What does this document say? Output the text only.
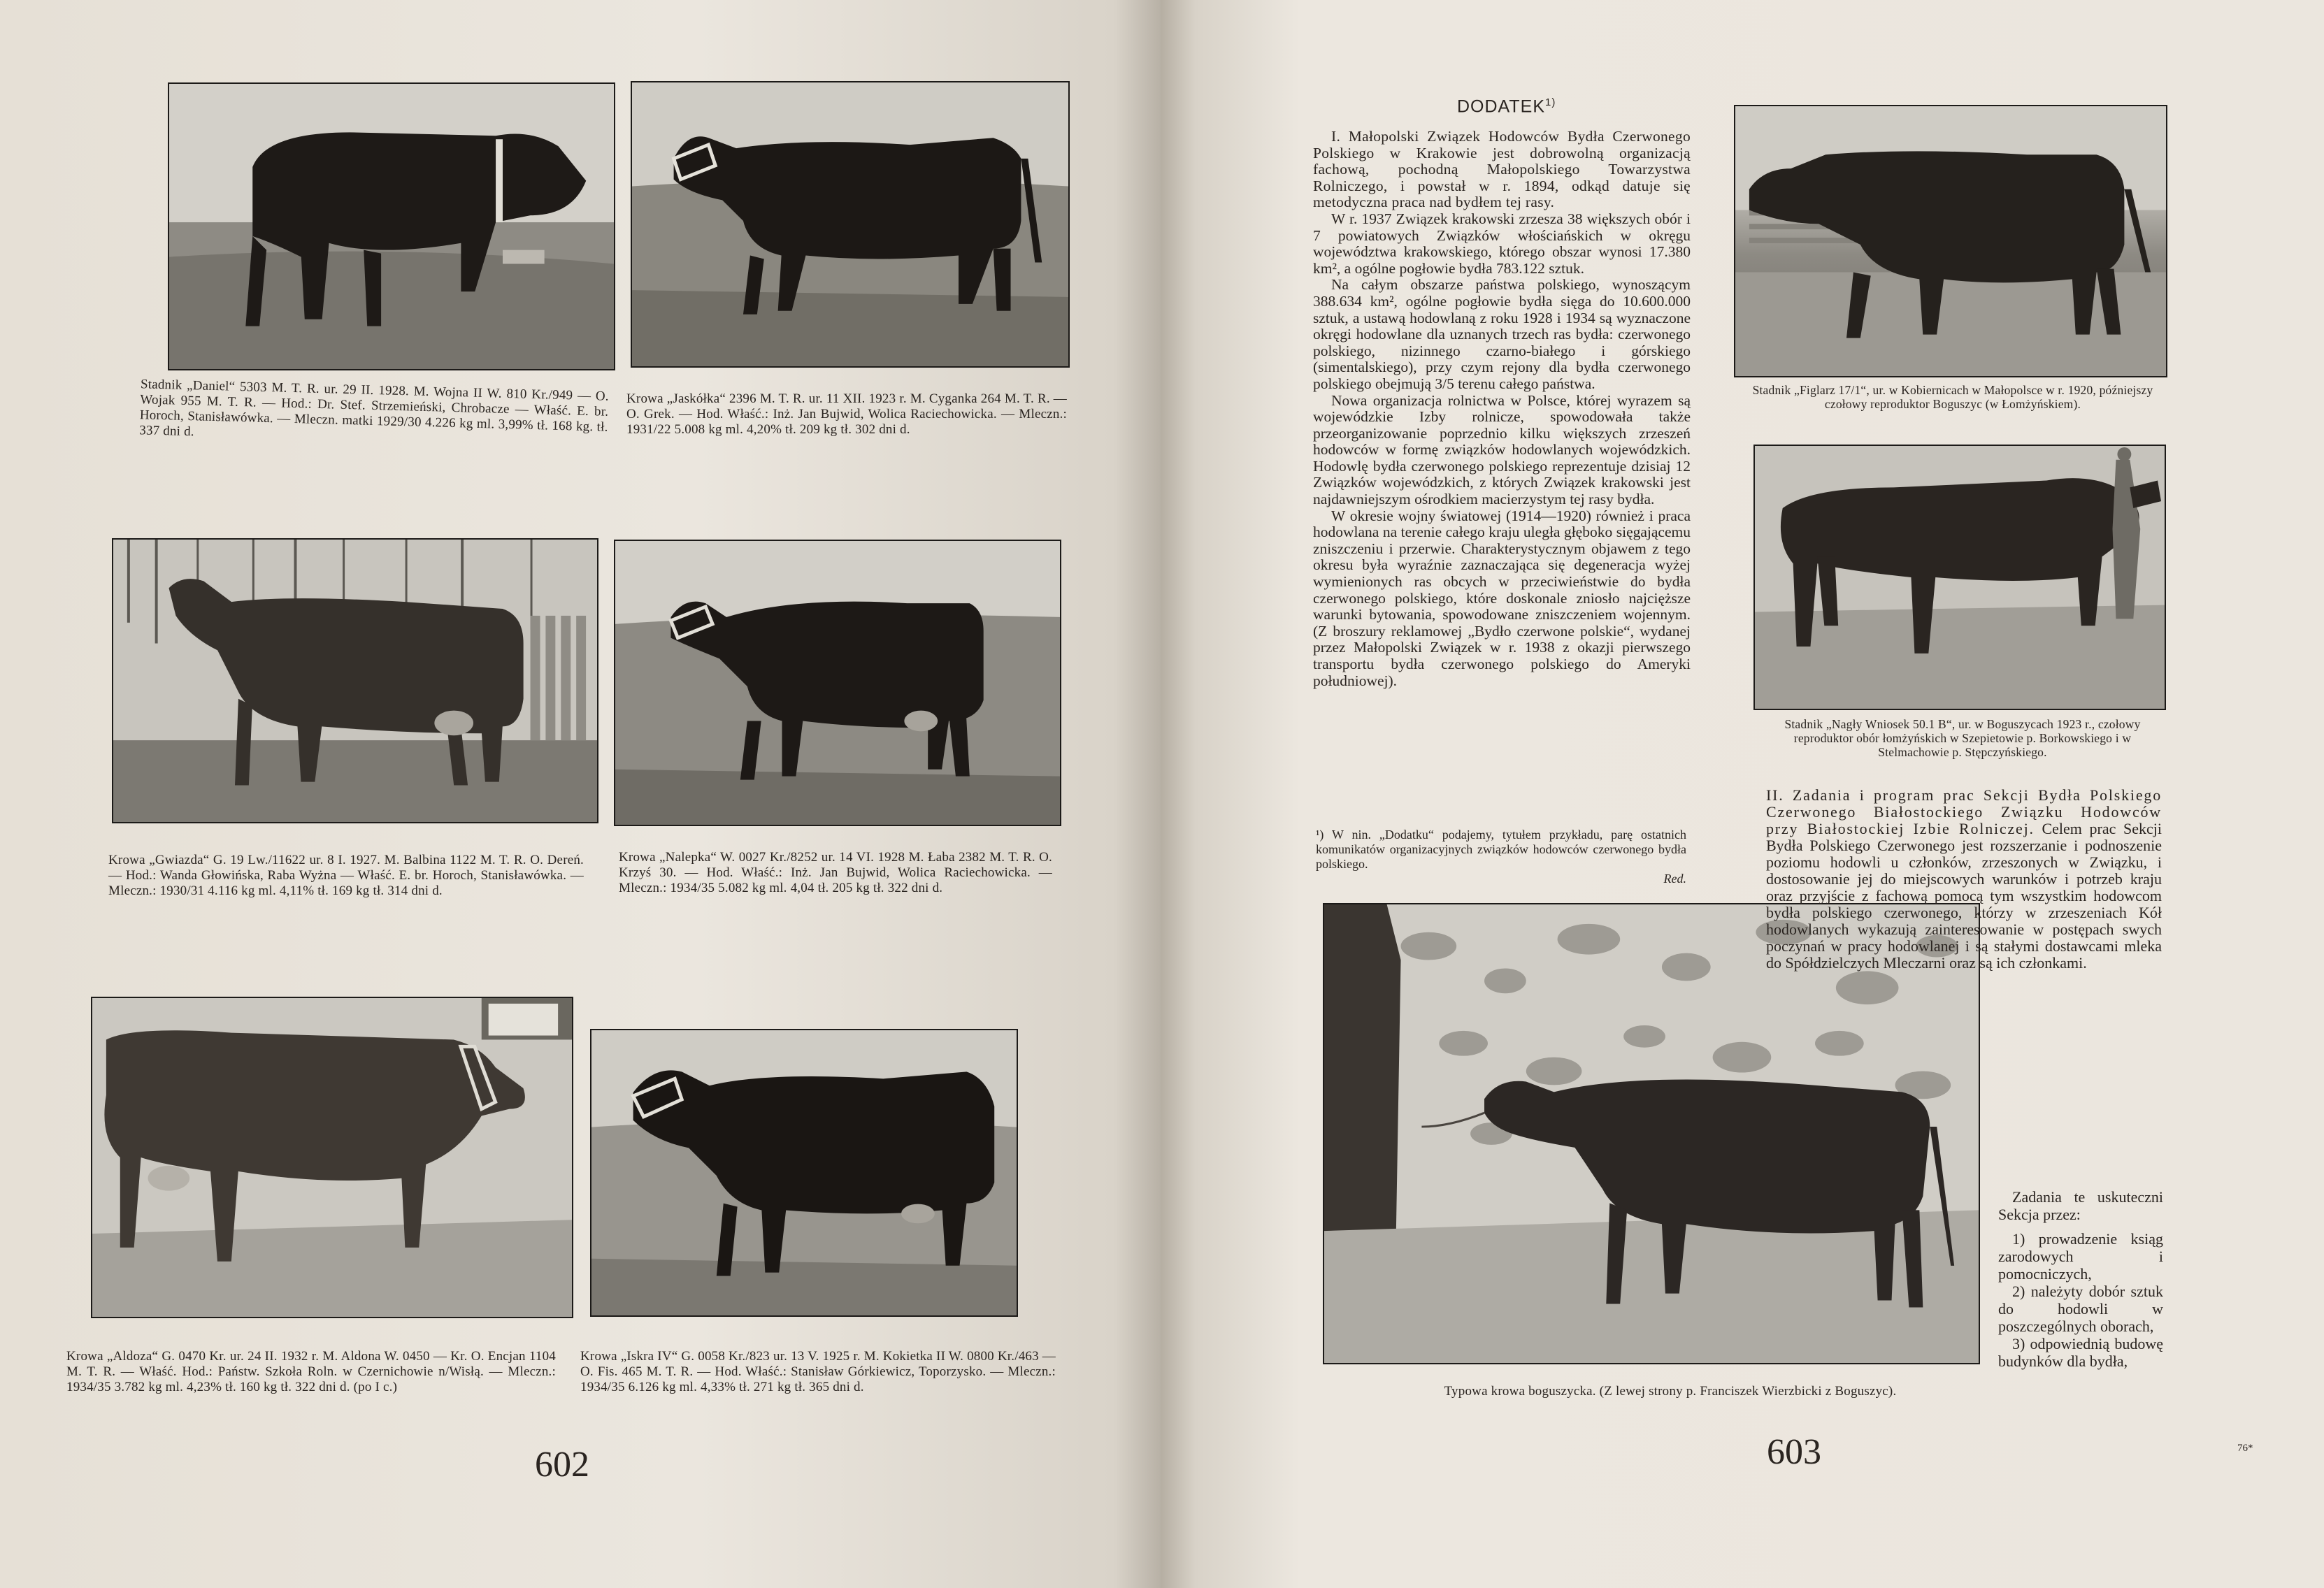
Stadnik „Daniel“ 5303 M. T. R. ur. 29 II. 1928. M. Wojna II W. 810 Kr./949 — O. Wojak 955 M. T. R. — Hod.: Dr. Stef. Strzemieński, Chrobacze — Właść. E. br. Horoch, Stanisławówka. — Mleczn. matki 1929/30 4.226 kg ml. 3,99% tł. 168 kg. tł. 337 dni d.
Krowa „Jaskółka“ 2396 M. T. R. ur. 11 XII. 1923 r. M. Cyganka 264 M. T. R. — O. Grek. — Hod. Właść.: Inż. Jan Bujwid, Wolica Raciechowicka. — Mleczn.: 1931/22 5.008 kg ml. 4,20% tł. 209 kg tł. 302 dni d.
Krowa „Gwiazda“ G. 19 Lw./11622 ur. 8 I. 1927. M. Balbina 1122 M. T. R. O. Dereń. — Hod.: Wanda Głowińska, Raba Wyżna — Właść. E. br. Horoch, Stanisławówka. — Mleczn.: 1930/31 4.116 kg ml. 4,11% tł. 169 kg tł. 314 dni d.
Krowa „Nalepka“ W. 0027 Kr./8252 ur. 14 VI. 1928 M. Łaba 2382 M. T. R. O. Krzyś 30. — Hod. Właść.: Inż. Jan Bujwid, Wolica Raciechowicka. — Mleczn.: 1934/35 5.082 kg ml. 4,04 tł. 205 kg tł. 322 dni d.
Krowa „Aldoza“ G. 0470 Kr. ur. 24 II. 1932 r. M. Aldona W. 0450 — Kr. O. Encjan 1104 M. T. R. — Właść. Hod.: Państw. Szkoła Roln. w Czernichowie n/Wisłą. — Mleczn.: 1934/35 3.782 kg ml. 4,23% tł. 160 kg tł. 322 dni d. (po I c.)
Krowa „Iskra IV“ G. 0058 Kr./823 ur. 13 V. 1925 r. M. Kokietka II W. 0800 Kr./463 — O. Fis. 465 M. T. R. — Hod. Właść.: Stanisław Górkiewicz, Toporzysko. — Mleczn.: 1934/35 6.126 kg ml. 4,33% tł. 271 kg tł. 365 dni d.
602
DODATEK$^{1)}$

I. Małopolski Związek Hodowców Bydła Czerwonego Polskiego w Krakowie jest dobrowolną organizacją fachową, pochodną Małopolskiego Towarzystwa Rolniczego, i powstał w r. 1894, odkąd datuje się metodyczna praca nad bydłem tej rasy.

W r. 1937 Związek krakowski zrzesza 38 większych obór i 7 powiatowych Związków włościańskich w okręgu województwa krakowskiego, którego obszar wynosi 17.380 km², a ogólne pogłowie bydła 783.122 sztuk.

Na całym obszarze państwa polskiego, wynoszącym 388.634 km², ogólne pogłowie bydła sięga do 10.600.000 sztuk, a ustawą hodowlaną z roku 1928 i 1934 są wyznaczone okręgi hodowlane dla uznanych trzech ras bydła: czerwonego polskiego, nizinnego czarno-białego i górskiego (simentalskiego), przy czym rejony dla bydła czerwonego polskiego obejmują 3/5 terenu całego państwa.

Nowa organizacja rolnictwa w Polsce, której wyrazem są wojewódzkie Izby rolnicze, spowodowała także przeorganizowanie poprzednio kilku większych zrzeszeń hodowców w formę związków hodowlanych wojewódzkich. Hodowlę bydła czerwonego polskiego reprezentuje dzisiaj 12 Związków wojewódzkich, z których Związek krakowski jest najdawniejszym ośrodkiem macierzystym tej rasy bydła.

W okresie wojny światowej (1914—1920) również i praca hodowlana na terenie całego kraju uległa głęboko sięgającemu zniszczeniu i przerwie. Charakterystycznym objawem z tego okresu była wyraźnie zaznaczająca się degeneracja wyżej wymienionych ras obcych w przeciwieństwie do bydła czerwonego polskiego, które doskonale zniosło najcięższe warunki bytowania, spowodowane zniszczeniem wojennym. (Z broszury reklamowej „Bydło czerwone polskie“, wydanej przez Małopolski Związek w r. 1938 z okazji pierwszego transportu bydła czerwonego polskiego do Ameryki południowej).

¹) W nin. „Dodatku“ podajemy, tytułem przykładu, parę ostatnich komunikatów organizacyjnych związków hodowców czerwonego bydła polskiego.
Red.
Stadnik „Figlarz 17/1“, ur. w Kobiernicach w Małopolsce w r. 1920, późniejszy czołowy reproduktor Boguszyc (w Łomżyńskiem).
Stadnik „Nagły Wniosek 50.1 B“, ur. w Boguszycach 1923 r., czołowy reproduktor obór łomżyńskich w Szepietowie p. Borkowskiego i w Stelmachowie p. Stępczyńskiego.
Typowa krowa boguszycka. (Z lewej strony p. Franciszek Wierzbicki z Boguszyc).
II. Zadania i program prac Sekcji Bydła Polskiego Czerwonego Białostockiego Związku Hodowców przy Białostockiej Izbie Rolniczej. Celem prac Sekcji Bydła Polskiego Czerwonego jest rozszerzanie i podnoszenie poziomu hodowli u członków, zrzeszonych w Związku, i dostosowanie jej do miejscowych warunków i potrzeb kraju oraz przyjście z fachową pomocą tym wszystkim hodowcom bydła polskiego czerwonego, którzy w zrzeszeniach Kół hodowlanych wykazują zainteresowanie w postępach swych poczynań w pracy hodowlanej i są stałymi dostawcami mleka do Spółdzielczych Mleczarni oraz są ich członkami.
Zadania te uskuteczni Sekcja przez:
1) prowadzenie ksiąg zarodowych i pomocniczych,
2) należyty dobór sztuk do hodowli w poszczególnych oborach,
3) odpowiednią budowę budynków dla bydła,
603	76*
